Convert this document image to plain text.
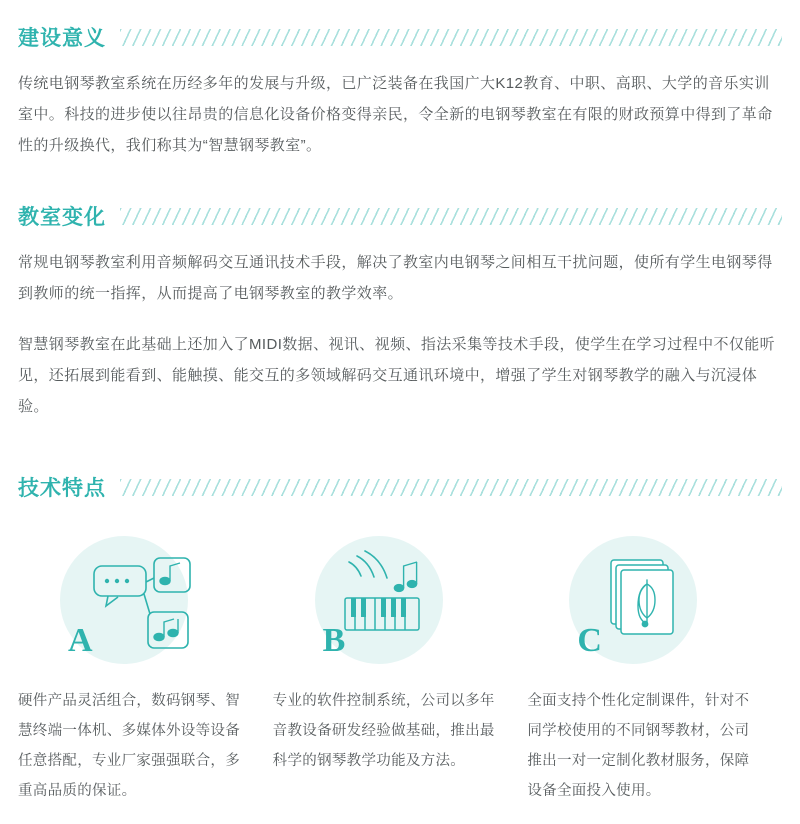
建设意义

传统电钢琴教室系统在历经多年的发展与升级，已广泛装备在我国广大K12教育、中职、高职、大学的音乐实训室中。科技的进步使以往昂贵的信息化设备价格变得亲民，令全新的电钢琴教室在有限的财政预算中得到了革命性的升级换代，我们称其为“智慧钢琴教室”。

教室变化

常规电钢琴教室利用音频解码交互通讯技术手段，解决了教室内电钢琴之间相互干扰问题，使所有学生电钢琴得到教师的统一指挥，从而提高了电钢琴教室的教学效率。

智慧钢琴教室在此基础上还加入了MIDI数据、视讯、视频、指法采集等技术手段，使学生在学习过程中不仅能听见，还拓展到能看到、能触摸、能交互的多领域解码交互通讯环境中，增强了学生对钢琴教学的融入与沉浸体验。

技术特点
A
硬件产品灵活组合，数码钢琴、智慧终端一体机、多媒体外设等设备任意搭配，专业厂家强强联合，多重高品质的保证。
B
专业的软件控制系统，公司以多年音教设备研发经验做基础，推出最科学的钢琴教学功能及方法。
C
全面支持个性化定制课件，针对不同学校使用的不同钢琴教材，公司推出一对一定制化教材服务，保障设备全面投入使用。
